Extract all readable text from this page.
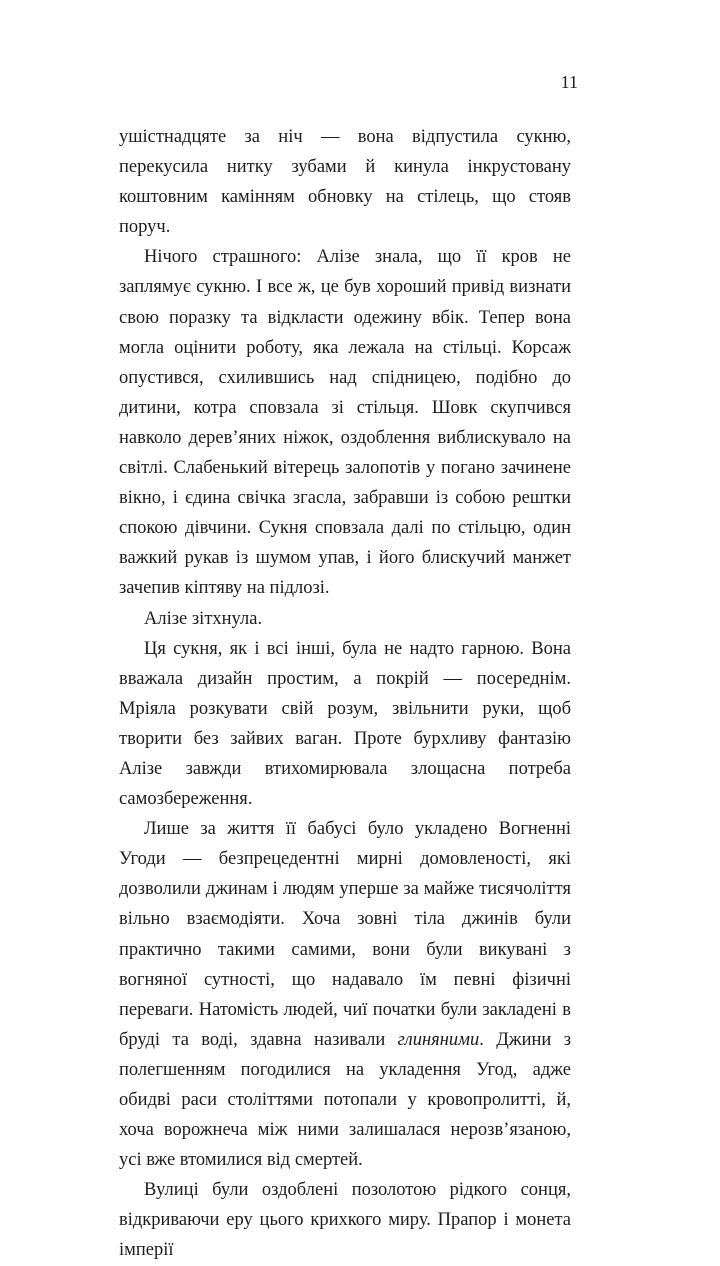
11

ушістнадцяте за ніч — вона відпустила сукню, перекусила нитку зубами й кинула інкрустовану коштовним камінням обновку на стілець, що стояв поруч.

Нічого страшного: Алізе знала, що її кров не заплямує сукню. І все ж, це був хороший привід визнати свою поразку та відкласти одежину вбік. Тепер вона могла оцінити роботу, яка лежала на стільці. Корсаж опустився, схилившись над спідницею, подібно до дитини, котра сповзала зі стільця. Шовк скупчився навколо дерев’яних ніжок, оздоблення виблискувало на світлі. Слабенький вітерець залопотів у погано зачинене вікно, і єдина свічка згасла, забравши із собою рештки спокою дівчини. Сукня сповзала далі по стільцю, один важкий рукав із шумом упав, і його блискучий манжет зачепив кіптяву на підлозі.

Алізе зітхнула.

Ця сукня, як і всі інші, була не надто гарною. Вона вважала дизайн простим, а покрій — посереднім. Мріяла розкувати свій розум, звільнити руки, щоб творити без зайвих ваган. Проте бурхливу фантазію Алізе завжди втихомирювала злощасна потреба самозбереження.

Лише за життя її бабусі було укладено Вогненні Угоди — безпрецедентні мирні домовленості, які дозволили джинам і людям уперше за майже тисячоліття вільно взаємодіяти. Хоча зовні тіла джинів були практично такими самими, вони були викувані з вогняної сутності, що надавало їм певні фізичні переваги. Натомість людей, чиї початки були закладені в бруді та воді, здавна називали глиняними. Джини з полегшенням погодилися на укладення Угод, адже обидві раси століттями потопали у кровопролитті, й, хоча ворожнеча між ними залишалася нерозв’язаною, усі вже втомилися від смертей.

Вулиці були оздоблені позолотою рідкого сонця, відкриваючи еру цього крихкого миру. Прапор і монета імперії
